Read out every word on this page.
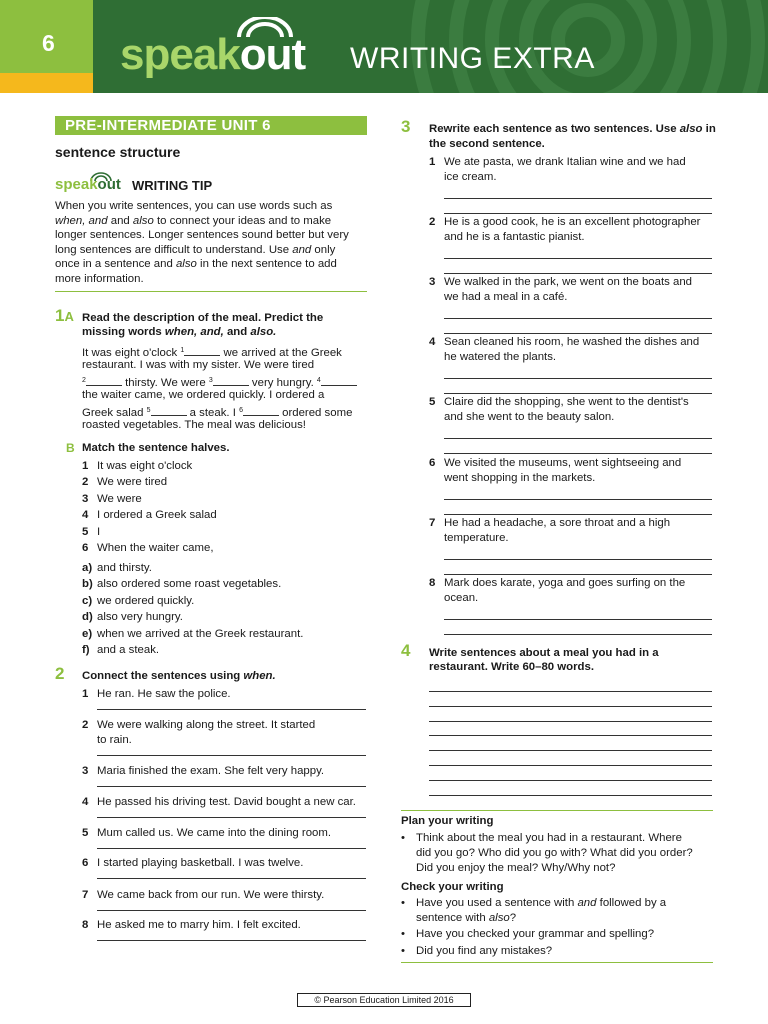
6 speakout WRITING EXTRA
PRE-INTERMEDIATE UNIT 6
sentence structure
speakout WRITING TIP
When you write sentences, you can use words such as
when, and and also to connect your ideas and to make
longer sentences. Longer sentences sound better but very
long sentences are difficult to understand. Use and only
once in a sentence and also in the next sentence to add
more information.
1A Read the description of the meal. Predict the
missing words when, and, and also.
It was eight o'clock $^1$	we arrived at the Greek
restaurant. I was with my sister. We were tired
$^2$	thirsty. We were $^3$	very hungry. $^4$
the waiter came, we ordered quickly. I ordered a
Greek salad $^5$	a steak. I $^6$	ordered some
roasted vegetables. The meal was delicious!
B Match the sentence halves.
1 It was eight o'clock
2 We were tired
3 We were
4 I ordered a Greek salad
5 I
6 When the waiter came,
a) and thirsty.
b) also ordered some roast vegetables.
c) we ordered quickly.
d) also very hungry.
e) when we arrived at the Greek restaurant.
f) and a steak.
2 Connect the sentences using when.
1 He ran. He saw the police.
2 We were walking along the street. It started
to rain.
3 Maria finished the exam. She felt very happy.
4 He passed his driving test. David bought a new car.
5 Mum called us. We came into the dining room.
6 I started playing basketball. I was twelve.
7 We came back from our run. We were thirsty.
8 He asked me to marry him. I felt excited.
3 Rewrite each sentence as two sentences. Use also in
the second sentence.
1 We ate pasta, we drank Italian wine and we had
ice cream.
2 He is a good cook, he is an excellent photographer
and he is a fantastic pianist.
3 We walked in the park, we went on the boats and
we had a meal in a café.
4 Sean cleaned his room, he washed the dishes and
he watered the plants.
5 Claire did the shopping, she went to the dentist's
and she went to the beauty salon.
6 We visited the museums, went sightseeing and
went shopping in the markets.
7 He had a headache, a sore throat and a high
temperature.
8 Mark does karate, yoga and goes surfing on the
ocean.
4 Write sentences about a meal you had in a
restaurant. Write 60–80 words.
Plan your writing
• Think about the meal you had in a restaurant. Where
did you go? Who did you go with? What did you order?
Did you enjoy the meal? Why/Why not?
Check your writing
• Have you used a sentence with and followed by a
sentence with also?
• Have you checked your grammar and spelling?
• Did you find any mistakes?
© Pearson Education Limited 2016
